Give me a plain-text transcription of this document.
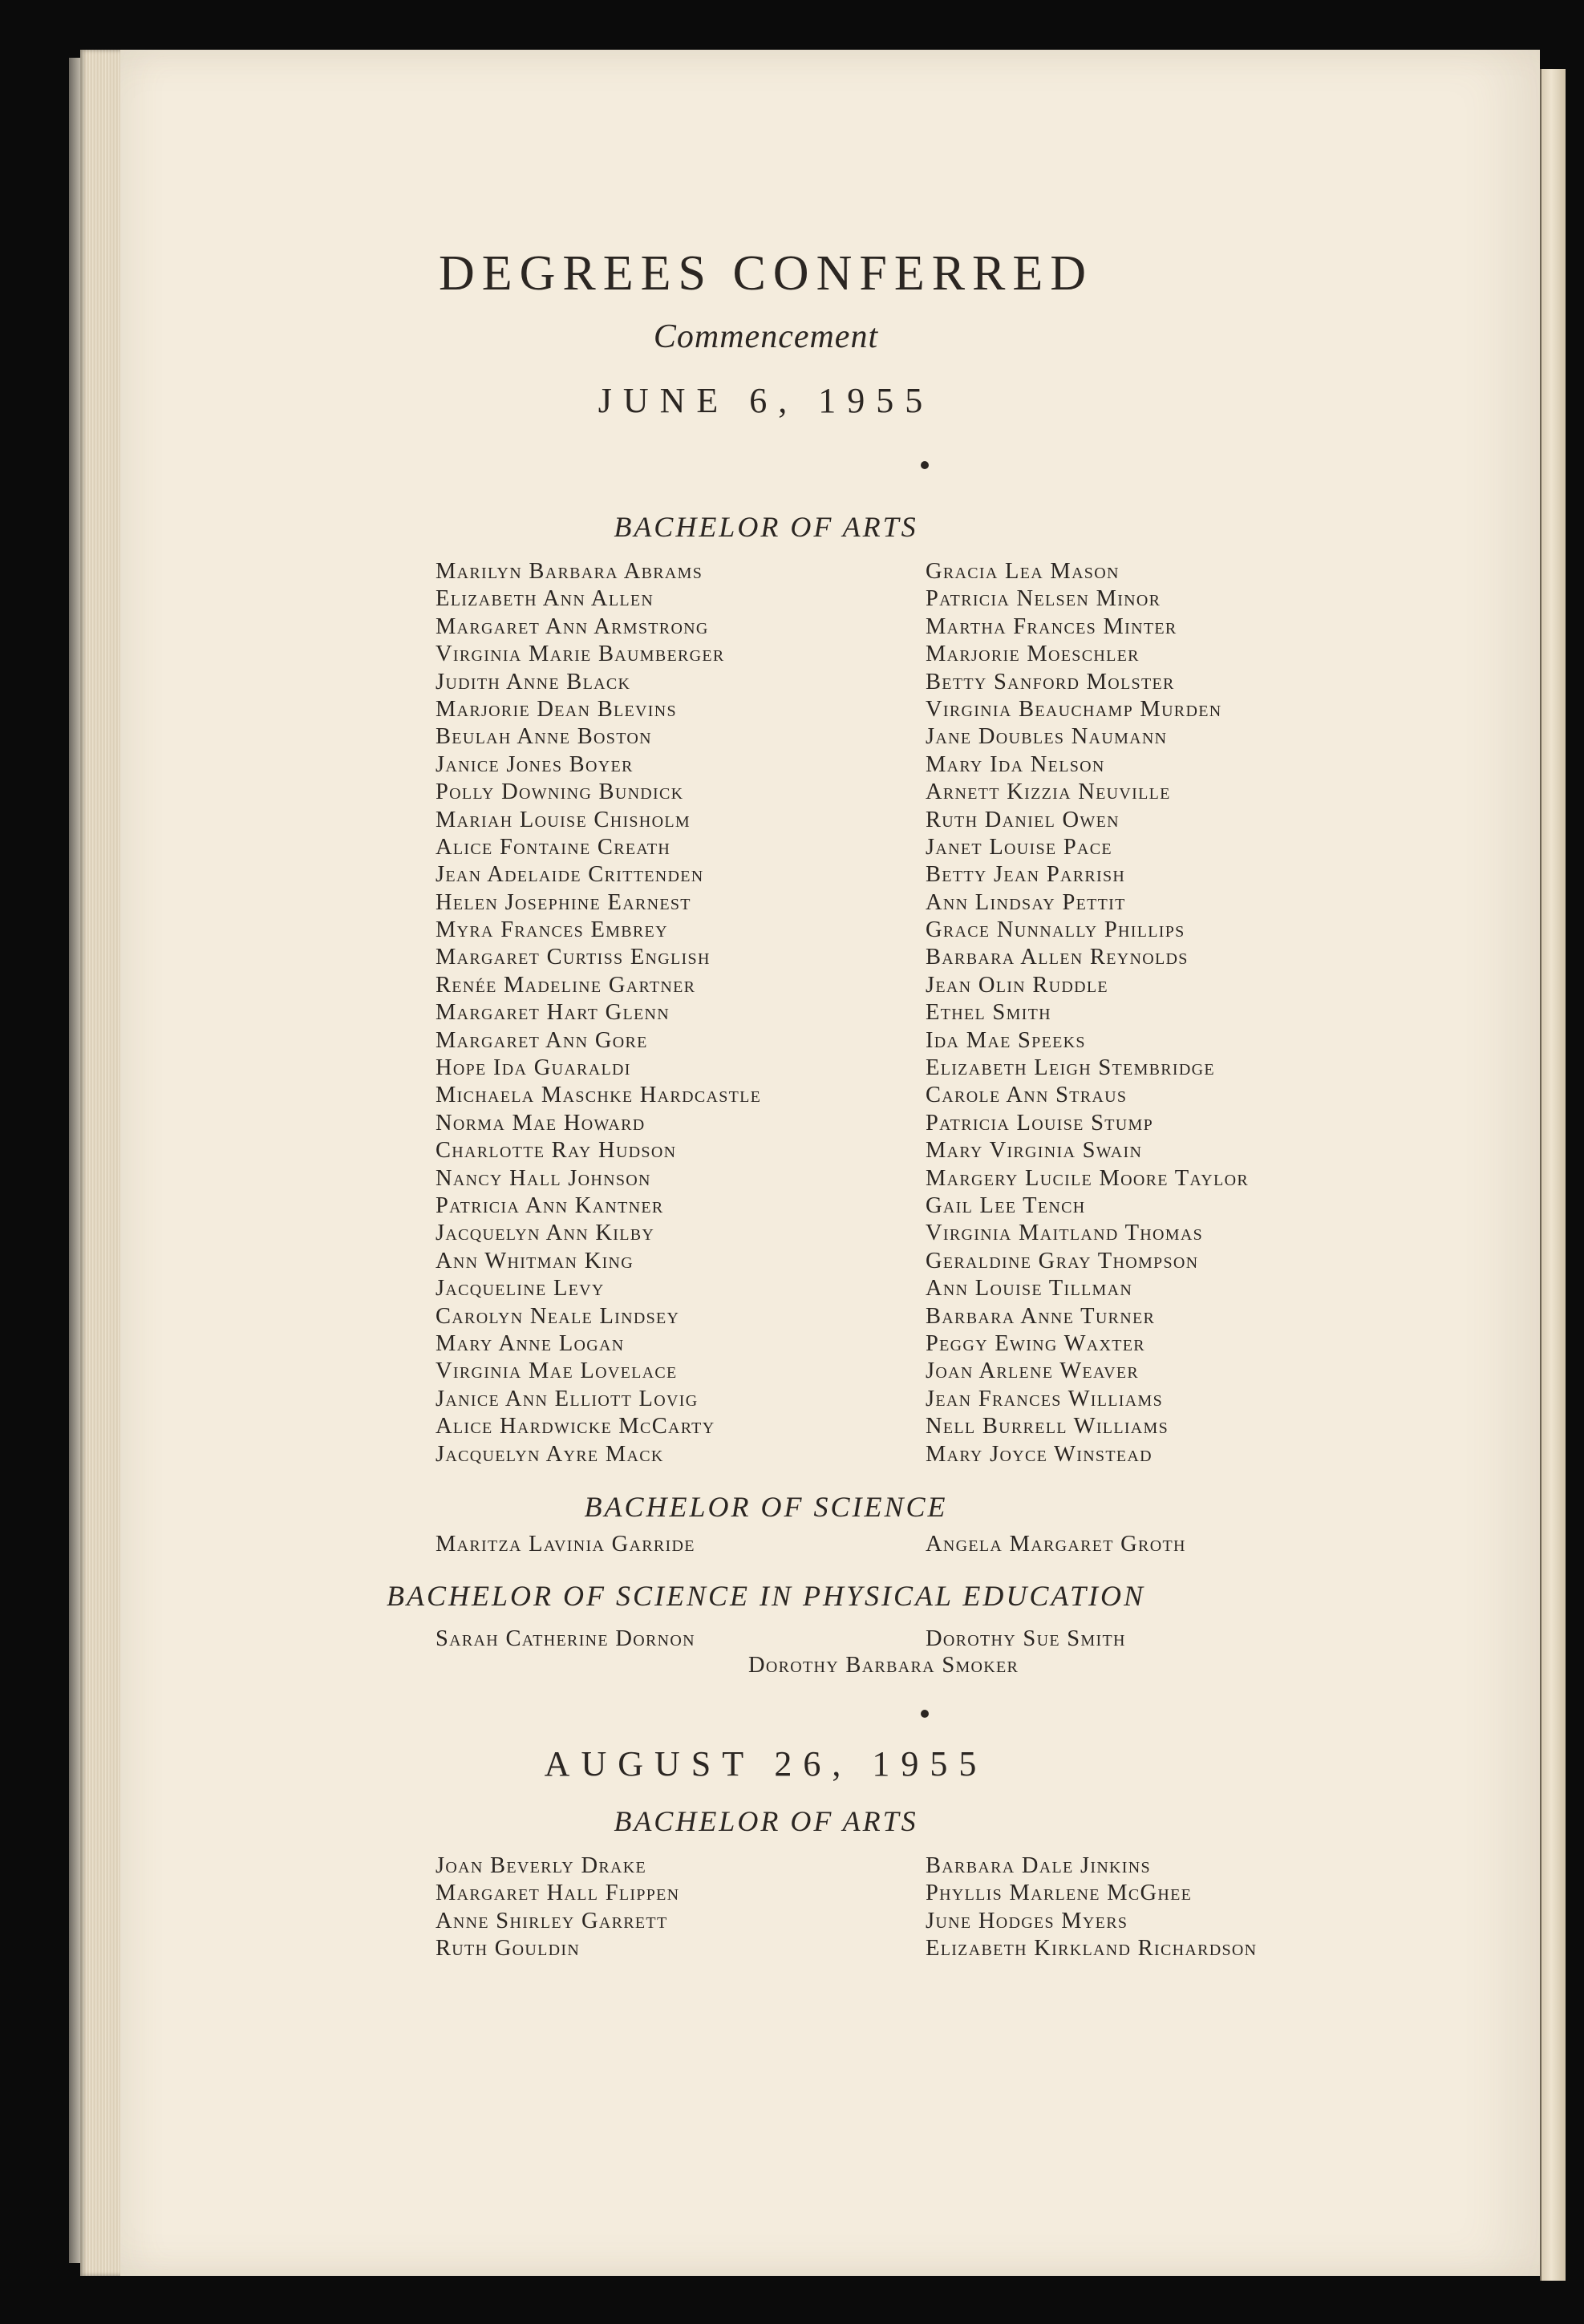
DEGREES CONFERRED
Commencement
JUNE 6, 1955
BACHELOR OF ARTS
Marilyn Barbara Abrams
Elizabeth Ann Allen
Margaret Ann Armstrong
Virginia Marie Baumberger
Judith Anne Black
Marjorie Dean Blevins
Beulah Anne Boston
Janice Jones Boyer
Polly Downing Bundick
Mariah Louise Chisholm
Alice Fontaine Creath
Jean Adelaide Crittenden
Helen Josephine Earnest
Myra Frances Embrey
Margaret Curtiss English
Renée Madeline Gartner
Margaret Hart Glenn
Margaret Ann Gore
Hope Ida Guaraldi
Michaela Maschke Hardcastle
Norma Mae Howard
Charlotte Ray Hudson
Nancy Hall Johnson
Patricia Ann Kantner
Jacquelyn Ann Kilby
Ann Whitman King
Jacqueline Levy
Carolyn Neale Lindsey
Mary Anne Logan
Virginia Mae Lovelace
Janice Ann Elliott Lovig
Alice Hardwicke McCarty
Jacquelyn Ayre Mack
Gracia Lea Mason
Patricia Nelsen Minor
Martha Frances Minter
Marjorie Moeschler
Betty Sanford Molster
Virginia Beauchamp Murden
Jane Doubles Naumann
Mary Ida Nelson
Arnett Kizzia Neuville
Ruth Daniel Owen
Janet Louise Pace
Betty Jean Parrish
Ann Lindsay Pettit
Grace Nunnally Phillips
Barbara Allen Reynolds
Jean Olin Ruddle
Ethel Smith
Ida Mae Speeks
Elizabeth Leigh Stembridge
Carole Ann Straus
Patricia Louise Stump
Mary Virginia Swain
Margery Lucile Moore Taylor
Gail Lee Tench
Virginia Maitland Thomas
Geraldine Gray Thompson
Ann Louise Tillman
Barbara Anne Turner
Peggy Ewing Waxter
Joan Arlene Weaver
Jean Frances Williams
Nell Burrell Williams
Mary Joyce Winstead
BACHELOR OF SCIENCE
Maritza Lavinia Garride	Angela Margaret Groth
BACHELOR OF SCIENCE IN PHYSICAL EDUCATION
Sarah Catherine Dornon	Dorothy Sue Smith
Dorothy Barbara Smoker
AUGUST 26, 1955
BACHELOR OF ARTS
Joan Beverly Drake
Margaret Hall Flippen
Anne Shirley Garrett
Ruth Gouldin
Barbara Dale Jinkins
Phyllis Marlene McGhee
June Hodges Myers
Elizabeth Kirkland Richardson
